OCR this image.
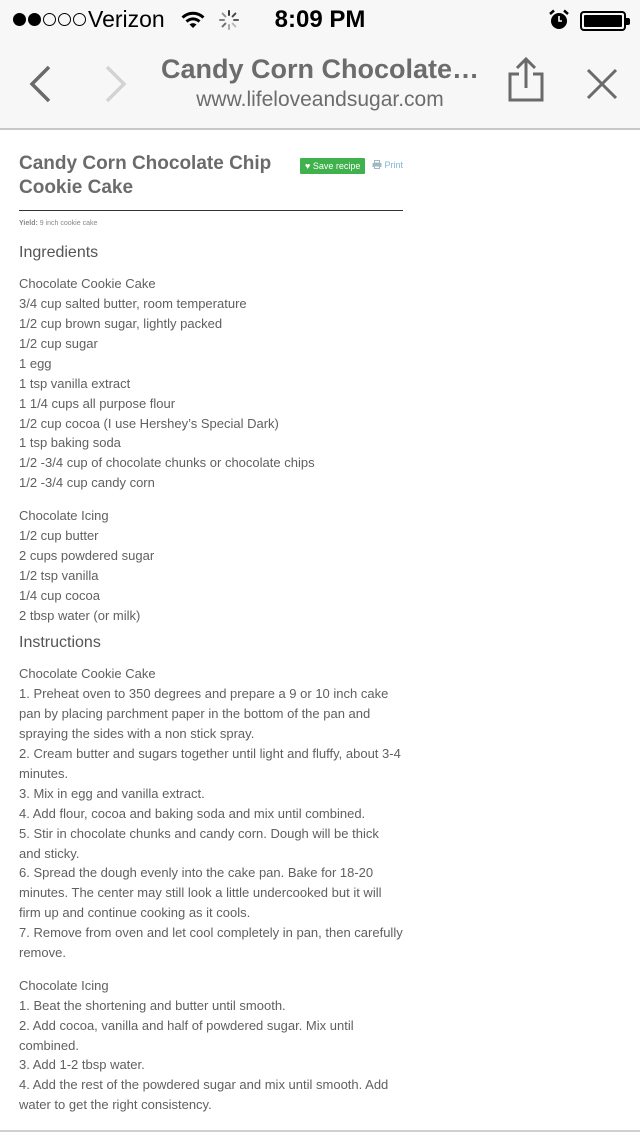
Verizon	8:09 PM
Candy Corn Chocolate…
www.lifeloveandsugar.com
Candy Corn Chocolate Chip Cookie Cake
♥ Save recipe	Print
Yield: 9 inch cookie cake
Ingredients
Chocolate Cookie Cake
3/4 cup salted butter, room temperature
1/2 cup brown sugar, lightly packed
1/2 cup sugar
1 egg
1 tsp vanilla extract
1 1/4 cups all purpose flour
1/2 cup cocoa (I use Hershey’s Special Dark)
1 tsp baking soda
1/2 -3/4 cup of chocolate chunks or chocolate chips
1/2 -3/4 cup candy corn
Chocolate Icing
1/2 cup butter
2 cups powdered sugar
1/2 tsp vanilla
1/4 cup cocoa
2 tbsp water (or milk)
Instructions
Chocolate Cookie Cake
1. Preheat oven to 350 degrees and prepare a 9 or 10 inch cake pan by placing parchment paper in the bottom of the pan and spraying the sides with a non stick spray.
2. Cream butter and sugars together until light and fluffy, about 3-4 minutes.
3. Mix in egg and vanilla extract.
4. Add flour, cocoa and baking soda and mix until combined.
5. Stir in chocolate chunks and candy corn. Dough will be thick and sticky.
6. Spread the dough evenly into the cake pan. Bake for 18-20 minutes. The center may still look a little undercooked but it will firm up and continue cooking as it cools.
7. Remove from oven and let cool completely in pan, then carefully remove.
Chocolate Icing
1. Beat the shortening and butter until smooth.
2. Add cocoa, vanilla and half of powdered sugar. Mix until combined.
3. Add 1-2 tbsp water.
4. Add the rest of the powdered sugar and mix until smooth. Add water to get the right consistency.
